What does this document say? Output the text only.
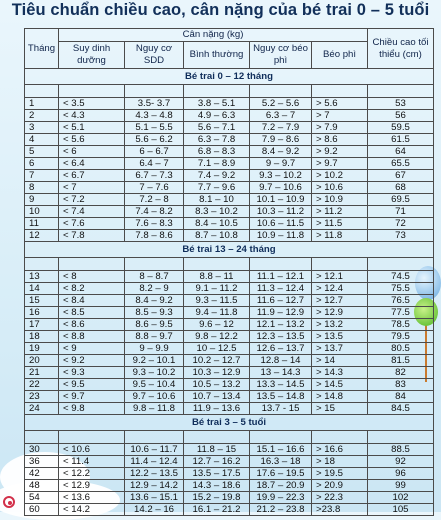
Tiêu chuẩn chiều cao, cân nặng của bé trai 0 – 5 tuổi
Tháng	Cân nặng (kg)					Chiều cao tối thiểu (cm)
	Suy dinh dưỡng	Nguy cơ SDD	Bình thường	Nguy cơ béo phì	Béo phì	
Bé trai 0 – 12 tháng						

1	< 3.5	3.5- 3.7	3.8 – 5.1	5.2 – 5.6	> 5.6	53
2	< 4.3	4.3 – 4.8	4.9 – 6.3	6.3 – 7	> 7	56
3	< 5.1	5.1 – 5.5	5.6 – 7.1	7.2 – 7.9	> 7.9	59.5
4	< 5.6	5.6 – 6.2	6.3 – 7.8	7.9 – 8.6	> 8.6	61.5
5	< 6	6 – 6.7	6.8 – 8.3	8.4 – 9.2	> 9.2	64
6	< 6.4	6.4 – 7	7.1 – 8.9	9 – 9.7	> 9.7	65.5
7	< 6.7	6.7 – 7.3	7.4 – 9.2	9.3 – 10.2	> 10.2	67
8	< 7	7 – 7.6	7.7 – 9.6	9.7 – 10.6	> 10.6	68
9	< 7.2	7.2 – 8	8.1 – 10	10.1 – 10.9	> 10.9	69.5
10	< 7.4	7.4 – 8.2	8.3 – 10.2	10.3 – 11.2	> 11.2	71
11	< 7.6	7.6 – 8.3	8.4 – 10.5	10.6 – 11.5	> 11.5	72
12	< 7.8	7.8 – 8.6	8.7 – 10.8	10.9 – 11.8	> 11.8	73
Bé trai 13 – 24 tháng						

13	< 8	8 – 8.7	8.8 – 11	11.1 – 12.1	> 12.1	74.5
14	< 8.2	8.2 – 9	9.1 – 11.2	11.3 – 12.4	> 12.4	75.5
15	< 8.4	8.4 – 9.2	9.3 – 11.5	11.6 – 12.7	> 12.7	76.5
16	< 8.5	8.5 – 9.3	9.4 – 11.8	11.9 – 12.9	> 12.9	77.5
17	< 8.6	8.6 – 9.5	9.6 – 12	12.1 – 13.2	> 13.2	78.5
18	< 8.8	8.8 – 9.7	9.8 – 12.2	12.3 – 13.5	> 13.5	79.5
19	< 9	9 – 9.9	10 – 12.5	12.6 – 13.7	> 13.7	80.5
20	< 9.2	9.2 – 10.1	10.2 – 12.7	12.8 – 14	> 14	81.5
21	< 9.3	9.3 – 10.2	10.3 – 12.9	13 – 14.3	> 14.3	82
22	< 9.5	9.5 – 10.4	10.5 – 13.2	13.3 – 14.5	> 14.5	83
23	< 9.7	9.7 – 10.6	10.7 – 13.4	13.5 – 14.8	> 14.8	84
24	< 9.8	9.8 – 11.8	11.9 – 13.6	13.7 - 15	> 15	84.5
Bé trai 3 – 5 tuổi						

30	< 10.6	10.6 – 11.7	11.8 – 15	15.1 – 16.6	> 16.6	88.5
36	< 11.4	11.4 – 12.4	12.7 – 16.2	16.3 – 18	> 18	92
42	< 12.2	12.2 – 13.5	13.5 – 17.5	17.6 – 19.5	> 19.5	96
48	< 12.9	12.9 – 14.2	14.3 – 18.6	18.7 – 20.9	> 20.9	99
54	< 13.6	13.6 – 15.1	15.2 – 19.8	19.9 – 22.3	> 22.3	102
60	< 14.2	14.2 – 16	16.1 – 21.2	21.2 – 23.8	>23.8	105
